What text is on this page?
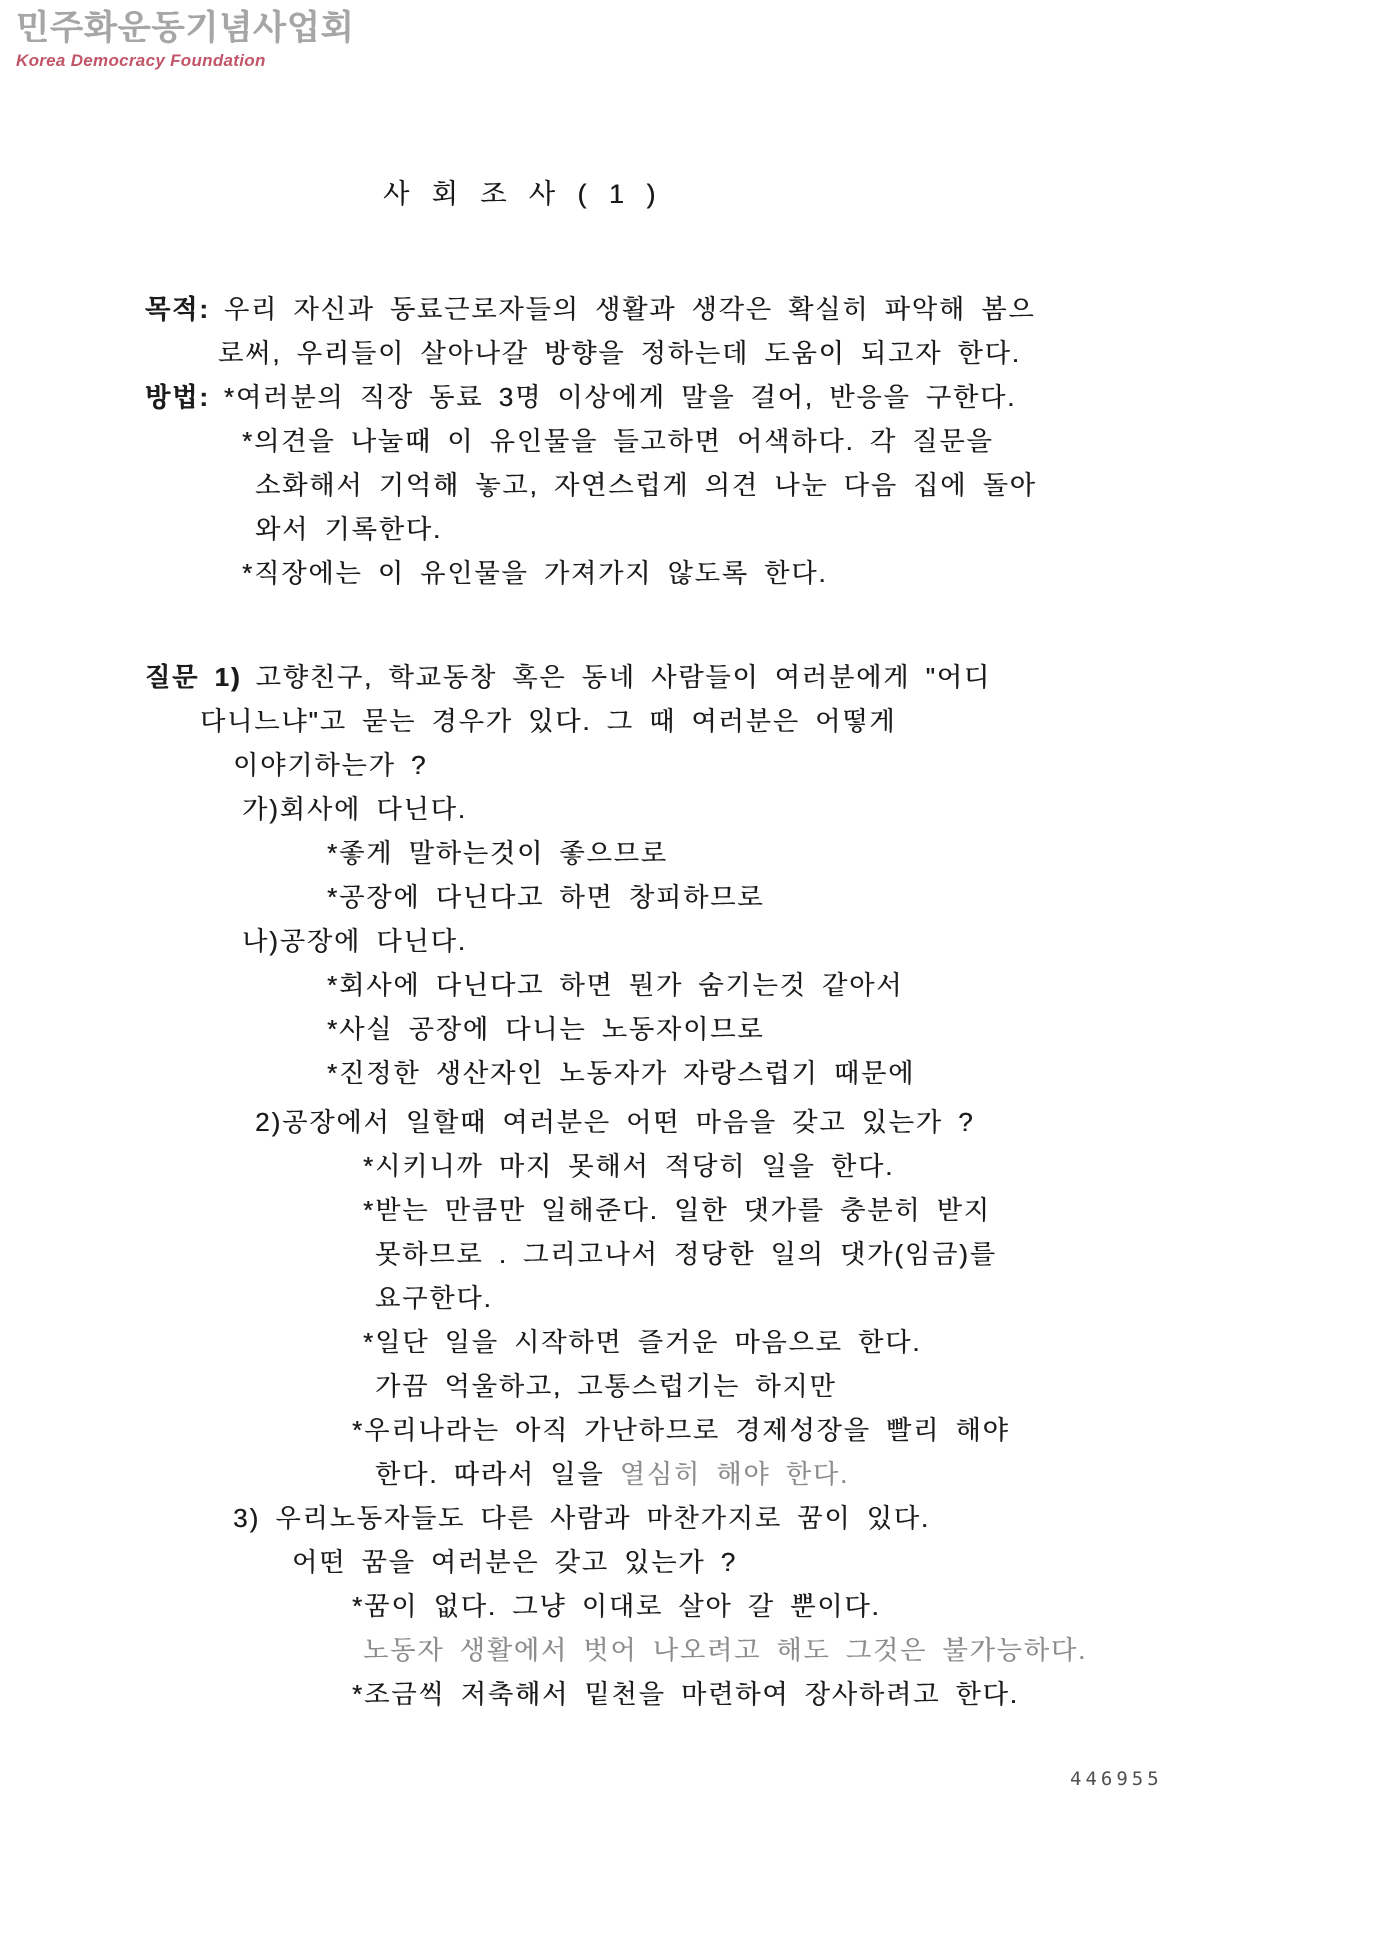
민주화운동기념사업회
Korea Democracy Foundation
사 회 조 사 ( 1 )
목적: 우리 자신과 동료근로자들의 생활과 생각은 확실히 파악해 봄으
로써, 우리들이 살아나갈 방향을 정하는데 도움이 되고자 한다.
방법: *여러분의 직장 동료 3명 이상에게 말을 걸어, 반응을 구한다.
*의견을 나눌때 이 유인물을 들고하면 어색하다. 각 질문을
소화해서 기억해 놓고, 자연스럽게 의견 나눈 다음 집에 돌아
와서 기록한다.
*직장에는 이 유인물을 가져가지 않도록 한다.
질문 1) 고향친구, 학교동창 혹은 동네 사람들이 여러분에게 "어디
다니느냐"고 묻는 경우가 있다. 그 때 여러분은 어떻게
이야기하는가 ?
가)회사에 다닌다.
*좋게 말하는것이 좋으므로
*공장에 다닌다고 하면 창피하므로
나)공장에 다닌다.
*회사에 다닌다고 하면 뭔가 숨기는것 같아서
*사실 공장에 다니는 노동자이므로
*진정한 생산자인 노동자가 자랑스럽기 때문에
2)공장에서 일할때 여러분은 어떤 마음을 갖고 있는가 ?
*시키니까 마지 못해서 적당히 일을 한다.
*받는 만큼만 일해준다. 일한 댓가를 충분히 받지
못하므로 . 그리고나서 정당한 일의 댓가(임금)를
요구한다.
*일단 일을 시작하면 즐거운 마음으로 한다.
가끔 억울하고, 고통스럽기는 하지만
*우리나라는 아직 가난하므로 경제성장을 빨리 해야
한다. 따라서 일을 열심히 해야 한다.
3) 우리노동자들도 다른 사람과 마찬가지로 꿈이 있다.
어떤 꿈을 여러분은 갖고 있는가 ?
*꿈이 없다. 그냥 이대로 살아 갈 뿐이다.
노동자 생활에서 벗어 나오려고 해도 그것은 불가능하다.
*조금씩 저축해서 밑천을 마련하여 장사하려고 한다.
446955
